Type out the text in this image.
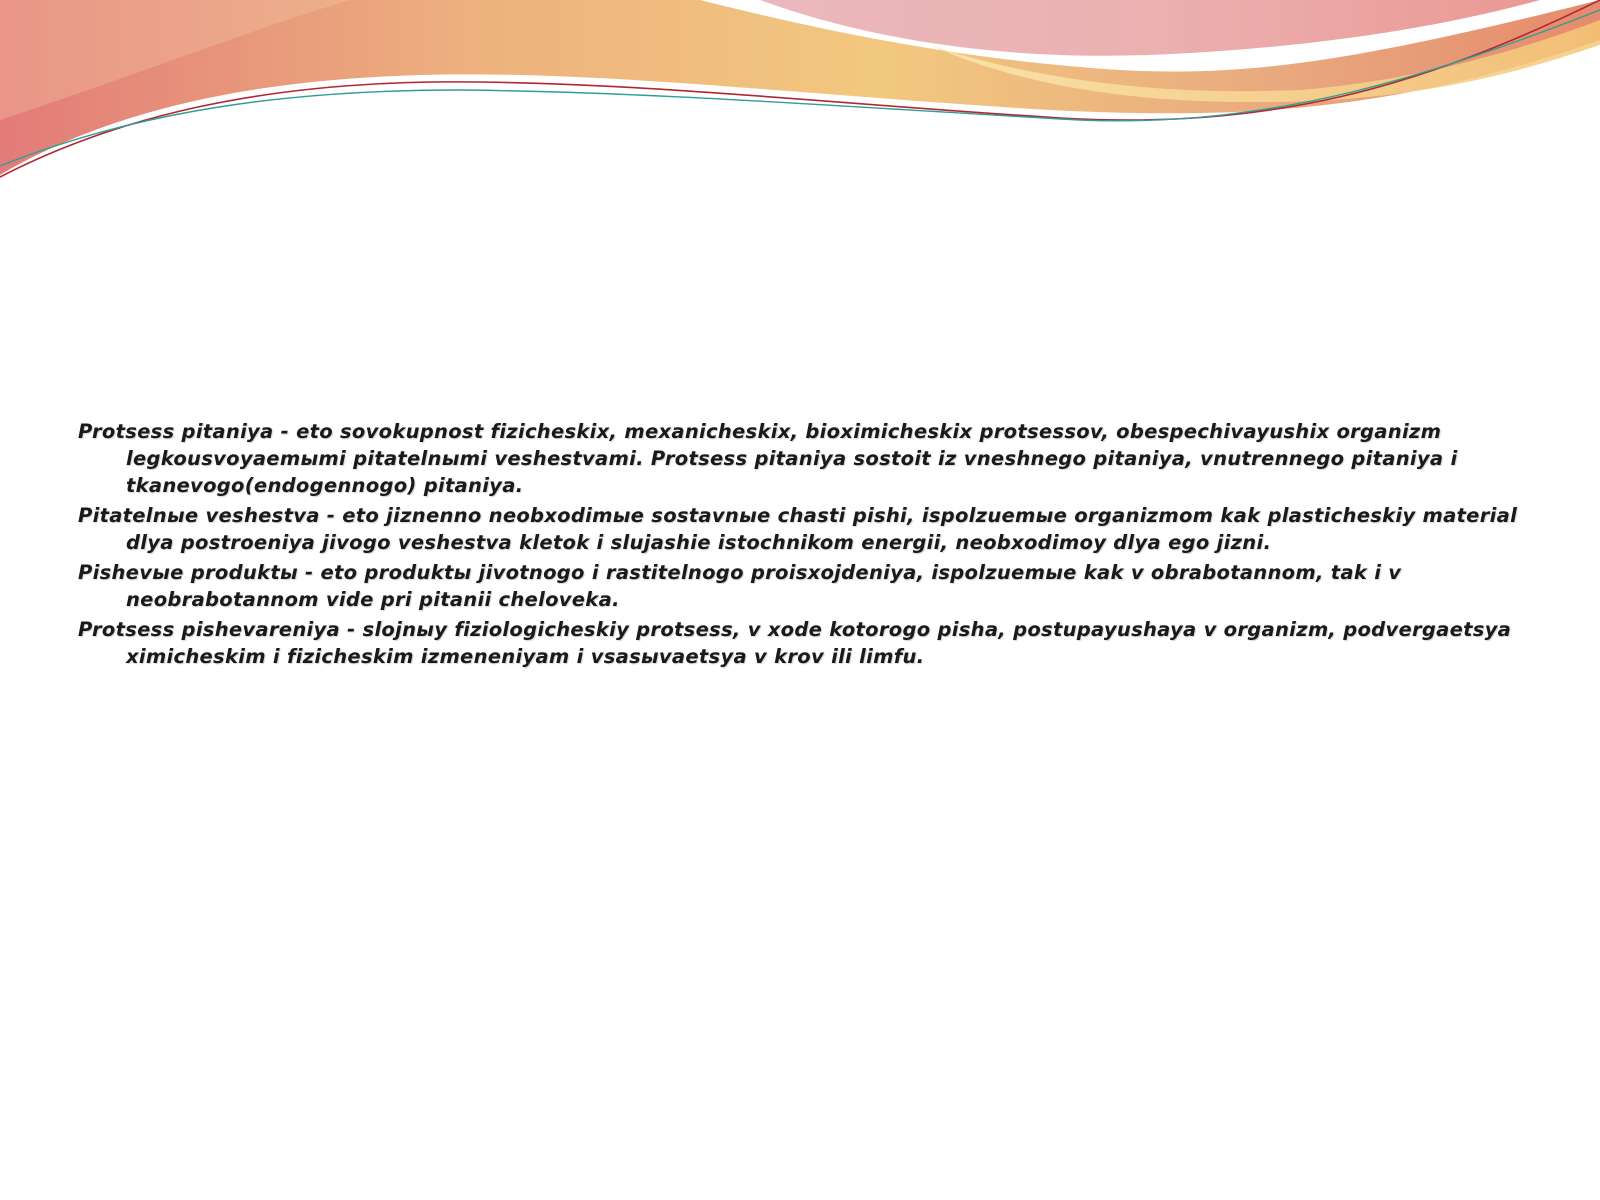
Protsess pitaniya - eto sovokupnost fizicheskix, mexanicheskix, bioximicheskix protsessov, obespechivayushix organizm legkousvoyaemыmi pitatelnыmi veshestvami. Protsess pitaniya sostoit iz vneshnego pitaniya, vnutrennego pitaniya i tkanevogo(endogennogo) pitaniya.

Pitatelnыe veshestva - eto jiznenno neobxodimыe sostavnыe chasti pishi, ispolzuemыe organizmom kak plasticheskiy material dlya postroeniya jivogo veshestva kletok i slujashie istochnikom energii, neobxodimoy dlya ego jizni.

Pishevыe produktы - eto produktы jivotnogo i rastitelnogo proisxojdeniya, ispolzuemыe kak v obrabotannom, tak i v neobrabotannom vide pri pitanii cheloveka.

Protsess pishevareniya - slojnыy fiziologicheskiy protsess, v xode kotorogo pisha, postupayushaya v organizm, podvergaetsya ximicheskim i fizicheskim izmeneniyam i vsasыvaetsya v krov ili limfu.
